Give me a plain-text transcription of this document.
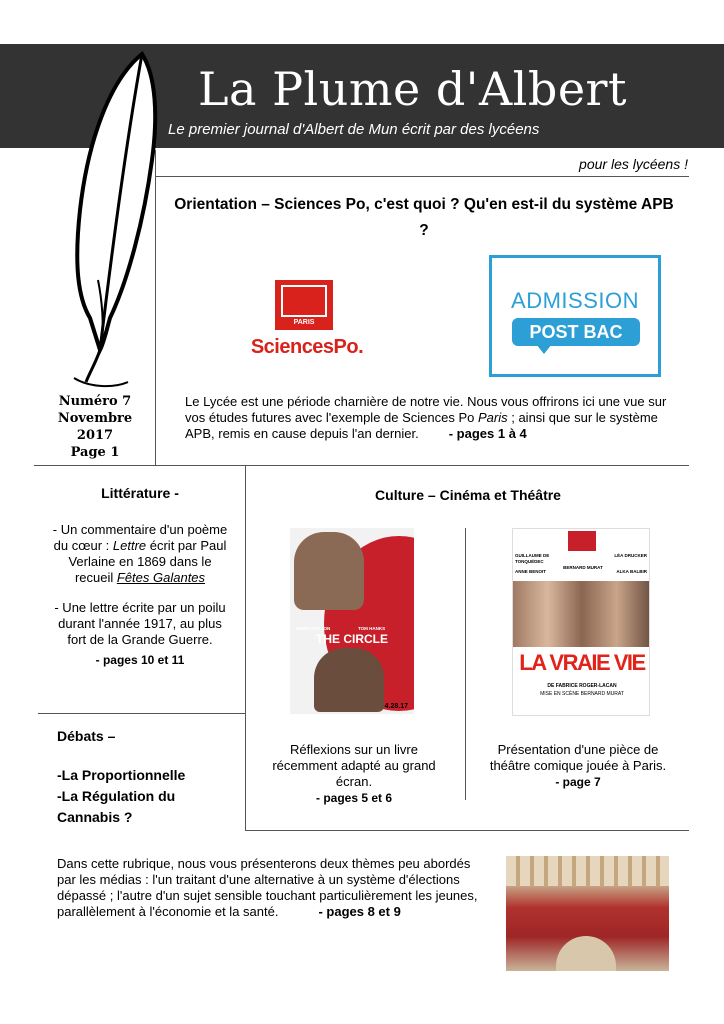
La Plume d'Albert
Le premier journal d'Albert de Mun écrit par des lycéens
pour les lycéens !
Numéro 7
Novembre
2017
Page 1
Orientation – Sciences Po, c'est quoi ? Qu'en est-il du système APB ?
PARIS
SciencesPo.
ADMISSION
POST BAC
Le Lycée est une période charnière de notre vie. Nous vous offrirons ici une vue sur vos études futures avec l'exemple de Sciences Po Paris ; ainsi que sur le système APB, remis en cause depuis l'an dernier. - pages 1 à 4
Littérature -
- Un commentaire d'un poème du cœur : Lettre écrit par Paul Verlaine en 1869 dans le recueil Fêtes Galantes
- Une lettre écrite par un poilu durant l'année 1917, au plus fort de la Grande Guerre.
- pages 10 et 11
Culture – Cinéma et Théâtre
EMMA WATSON	TOM HANKS
THE CIRCLE
4.28.17
GUILLAUME DE TONQUÉDEC
BERNARD MURAT
LÉA DRUCKER
ANNE BENOIT	ALKA BALBIR
LA VRAIE VIE
DE FABRICE ROGER-LACAN
MISE EN SCÈNE BERNARD MURAT
Réflexions sur un livre récemment adapté au grand écran.
- pages 5 et 6
Présentation d'une pièce de théâtre comique jouée à Paris.
- page 7
Débats –
-La Proportionnelle
-La Régulation du Cannabis ?
Dans cette rubrique, nous vous présenterons deux thèmes peu abordés par les médias : l'un traitant d'une alternative à un système d'élections dépassé ; l'autre d'un sujet sensible touchant particulièrement les jeunes, parallèlement à l'économie et la santé.	- pages 8 et 9
